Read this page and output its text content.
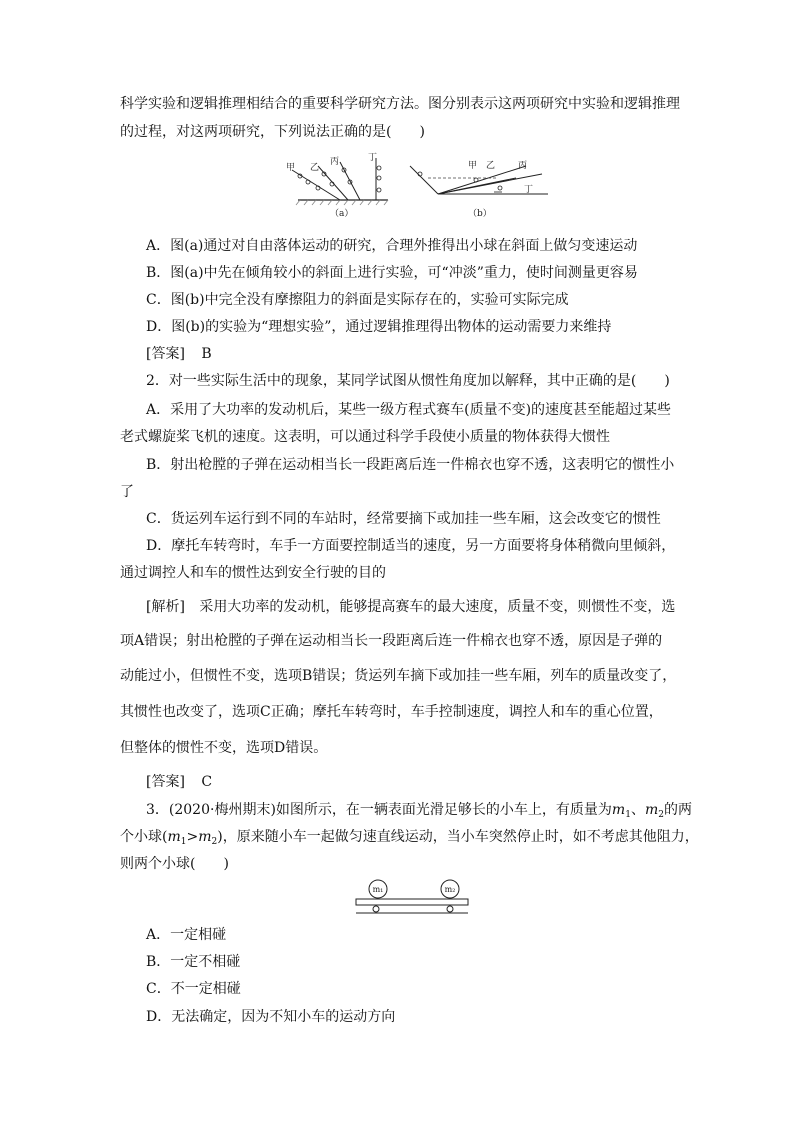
科学实验和逻辑推理相结合的重要科学研究方法。图分别表示这两项研究中实验和逻辑推理
的过程，对这两项研究，下列说法正确的是(　　)
甲 乙
丙	丁
（a）
甲 乙	丙
丁
（b）
A．图(a)通过对自由落体运动的研究，合理外推得出小球在斜面上做匀变速运动
B．图(a)中先在倾角较小的斜面上进行实验，可“冲淡”重力，使时间测量更容易
C．图(b)中完全没有摩擦阻力的斜面是实际存在的，实验可实际完成
D．图(b)的实验为“理想实验”，通过逻辑推理得出物体的运动需要力来维持
[答案] B
2．对一些实际生活中的现象，某同学试图从惯性角度加以解释，其中正确的是(　　)
A．采用了大功率的发动机后，某些一级方程式赛车(质量不变)的速度甚至能超过某些
老式螺旋桨飞机的速度。这表明，可以通过科学手段使小质量的物体获得大惯性
B．射出枪膛的子弹在运动相当长一段距离后连一件棉衣也穿不透，这表明它的惯性小
了
C．货运列车运行到不同的车站时，经常要摘下或加挂一些车厢，这会改变它的惯性
D．摩托车转弯时，车手一方面要控制适当的速度，另一方面要将身体稍微向里倾斜，
通过调控人和车的惯性达到安全行驶的目的
[解析] 采用大功率的发动机，能够提高赛车的最大速度，质量不变，则惯性不变，选
项A错误；射出枪膛的子弹在运动相当长一段距离后连一件棉衣也穿不透，原因是子弹的
动能过小，但惯性不变，选项B错误；货运列车摘下或加挂一些车厢，列车的质量改变了，
其惯性也改变了，选项C正确；摩托车转弯时，车手控制速度，调控人和车的重心位置，
但整体的惯性不变，选项D错误。
[答案] C
3．(2020·梅州期末)如图所示，在一辆表面光滑足够长的小车上，有质量为$m_1$、$m_2$的两
个小球$(m_1>m_2)$，原来随小车一起做匀速直线运动，当小车突然停止时，如不考虑其他阻力，
则两个小球(　　)
m₁	m₂
A．一定相碰
B．一定不相碰
C．不一定相碰
D．无法确定，因为不知小车的运动方向
